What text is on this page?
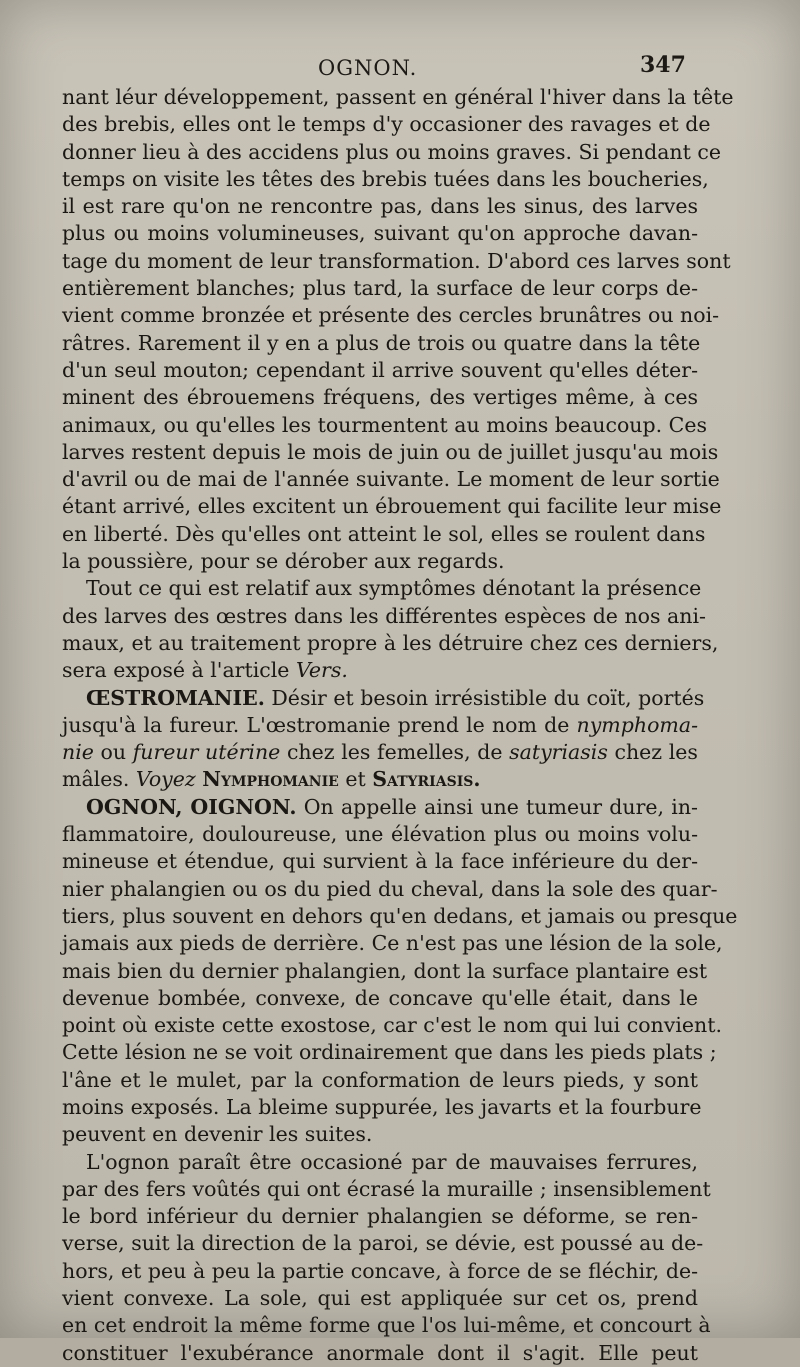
OGNON.	347
nant léur développement, passent en général l'hiver dans la tête
des brebis, elles ont le temps d'y occasioner des ravages et de
donner lieu à des accidens plus ou moins graves. Si pendant ce
temps on visite les têtes des brebis tuées dans les boucheries,
il est rare qu'on ne rencontre pas, dans les sinus, des larves
plus ou moins volumineuses, suivant qu'on approche davan-
tage du moment de leur transformation. D'abord ces larves sont
entièrement blanches; plus tard, la surface de leur corps de-
vient comme bronzée et présente des cercles brunâtres ou noi-
râtres. Rarement il y en a plus de trois ou quatre dans la tête
d'un seul mouton; cependant il arrive souvent qu'elles déter-
minent des ébrouemens fréquens, des vertiges même, à ces
animaux, ou qu'elles les tourmentent au moins beaucoup. Ces
larves restent depuis le mois de juin ou de juillet jusqu'au mois
d'avril ou de mai de l'année suivante. Le moment de leur sortie
étant arrivé, elles excitent un ébrouement qui facilite leur mise
en liberté. Dès qu'elles ont atteint le sol, elles se roulent dans
la poussière, pour se dérober aux regards.
Tout ce qui est relatif aux symptômes dénotant la présence
des larves des œstres dans les différentes espèces de nos ani-
maux, et au traitement propre à les détruire chez ces derniers,
sera exposé à l'article Vers.
ŒSTROMANIE. Désir et besoin irrésistible du coït, portés
jusqu'à la fureur. L'œstromanie prend le nom de nymphoma-
nie ou fureur utérine chez les femelles, de satyriasis chez les
mâles. Voyez Nymphomanie et Satyriasis.
OGNON, OIGNON. On appelle ainsi une tumeur dure, in-
flammatoire, douloureuse, une élévation plus ou moins volu-
mineuse et étendue, qui survient à la face inférieure du der-
nier phalangien ou os du pied du cheval, dans la sole des quar-
tiers, plus souvent en dehors qu'en dedans, et jamais ou presque
jamais aux pieds de derrière. Ce n'est pas une lésion de la sole,
mais bien du dernier phalangien, dont la surface plantaire est
devenue bombée, convexe, de concave qu'elle était, dans le
point où existe cette exostose, car c'est le nom qui lui convient.
Cette lésion ne se voit ordinairement que dans les pieds plats ;
l'âne et le mulet, par la conformation de leurs pieds, y sont
moins exposés. La bleime suppurée, les javarts et la fourbure
peuvent en devenir les suites.
L'ognon paraît être occasioné par de mauvaises ferrures,
par des fers voûtés qui ont écrasé la muraille ; insensiblement
le bord inférieur du dernier phalangien se déforme, se ren-
verse, suit la direction de la paroi, se dévie, est poussé au de-
hors, et peu à peu la partie concave, à force de se fléchir, de-
vient convexe. La sole, qui est appliquée sur cet os, prend
en cet endroit la même forme que l'os lui-même, et concourt à
constituer l'exubérance anormale dont il s'agit. Elle peut
